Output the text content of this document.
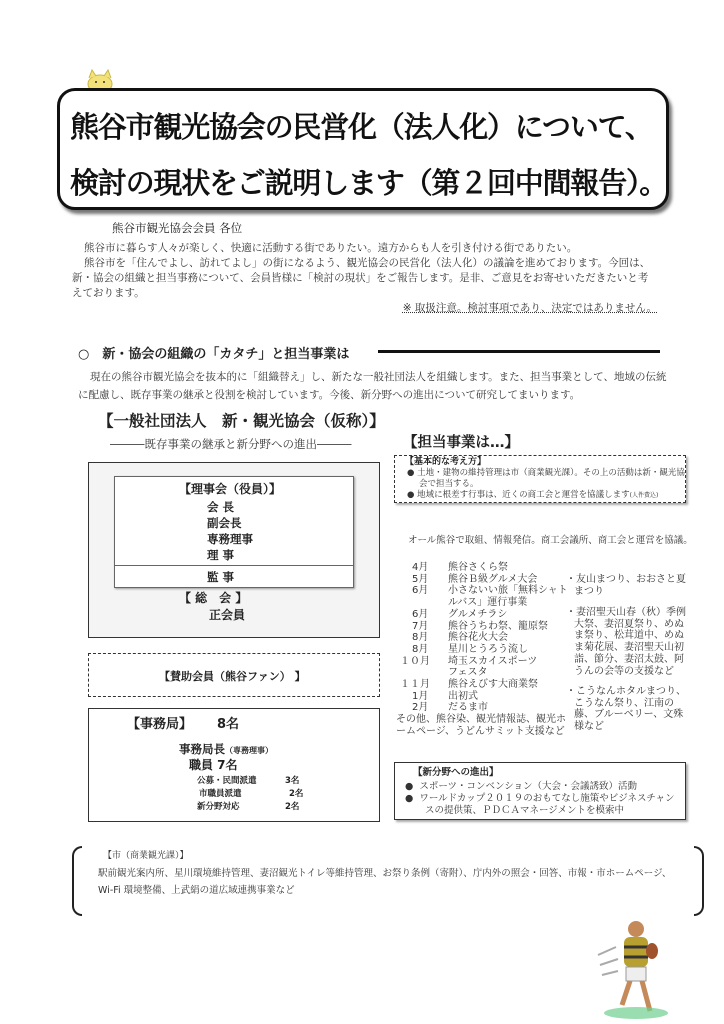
熊谷市観光協会の民営化（法人化）について、
検討の現状をご説明します（第２回中間報告）。
熊谷市観光協会会員 各位
熊谷市に暮らす人々が楽しく、快適に活動する街でありたい。遠方からも人を引き付ける街でありたい。
熊谷市を「住んでよし、訪れてよし」の街になるよう、観光協会の民営化（法人化）の議論を進めております。今回は、新・協会の組織と担当事務について、会員皆様に「検討の現状」をご報告します。是非、ご意見をお寄せいただきたいと考えております。
※ 取扱注意。検討事項であり、決定ではありません。
○　新・協会の組織の「カタチ」と担当事業は
現在の熊谷市観光協会を抜本的に「組織替え」し、新たな一般社団法人を組織します。また、担当事業として、地域の伝統に配慮し、既存事業の継承と役割を検討しています。今後、新分野への進出について研究してまいります。
【一般社団法人　新・観光協会（仮称）】
―――既存事業の継承と新分野への進出―――
【理事会（役員）】
会 長
副会長
専務理事
理 事
監 事
【 総　会 】
正会員
【賛助会員（熊谷ファン） 】
【事務局】 8名
事務局長（専務理事）
職員 7名
公募・民間派遣	3名
市職員派遣	2名
新分野対応	2名
【担当事業は…】
【基本的な考え方】
● 土地・建物の維持管理は市（商業観光課）。その上の活動は新・観光協会で担当する。
● 地域に根差す行事は、近くの商工会と運営を協議します(人件費込)
オール熊谷で取組、情報発信。商工会議所、商工会と運営を協議。
4月 熊谷さくら祭
5月 熊谷Ｂ級グルメ大会
6月 小さないい旅「無料シャトルバス」運行事業
6月 グルメチラシ
7月 熊谷うちわ祭、籠原祭
8月 熊谷花火大会
8月 星川とうろう流し
１０月 埼玉スカイスポーツフェスタ
１１月 熊谷えびす大商業祭
1月 出初式
2月 だるま市
その他、熊谷染、観光情報誌、観光ホームページ、うどんサミット支援など
・友山まつり、おおさと夏まつり
・妻沼聖天山春（秋）季例大祭、妻沼夏祭り、めぬま祭り、松茸道中、めぬま菊花展、妻沼聖天山初詣、節分、妻沼太鼓、阿うんの会等の支援など
・こうなんホタルまつり、こうなん祭り、江南の藤、ブルーベリー、文殊様など
【新分野への進出】
●  スポーツ・コンベンション（大会・会議誘致）活動
●  ワールドカップ２０１９のおもてなし施策やビジネスチャンスの提供策、ＰＤＣＡマネージメントを模索中
【市（商業観光課）】
駅前観光案内所、星川環境維持管理、妻沼観光トイレ等維持管理、お祭り条例（寄附）、庁内外の照会・回答、市報・市ホームページ、Wi-Fi 環境整備、上武絹の道広域連携事業など
